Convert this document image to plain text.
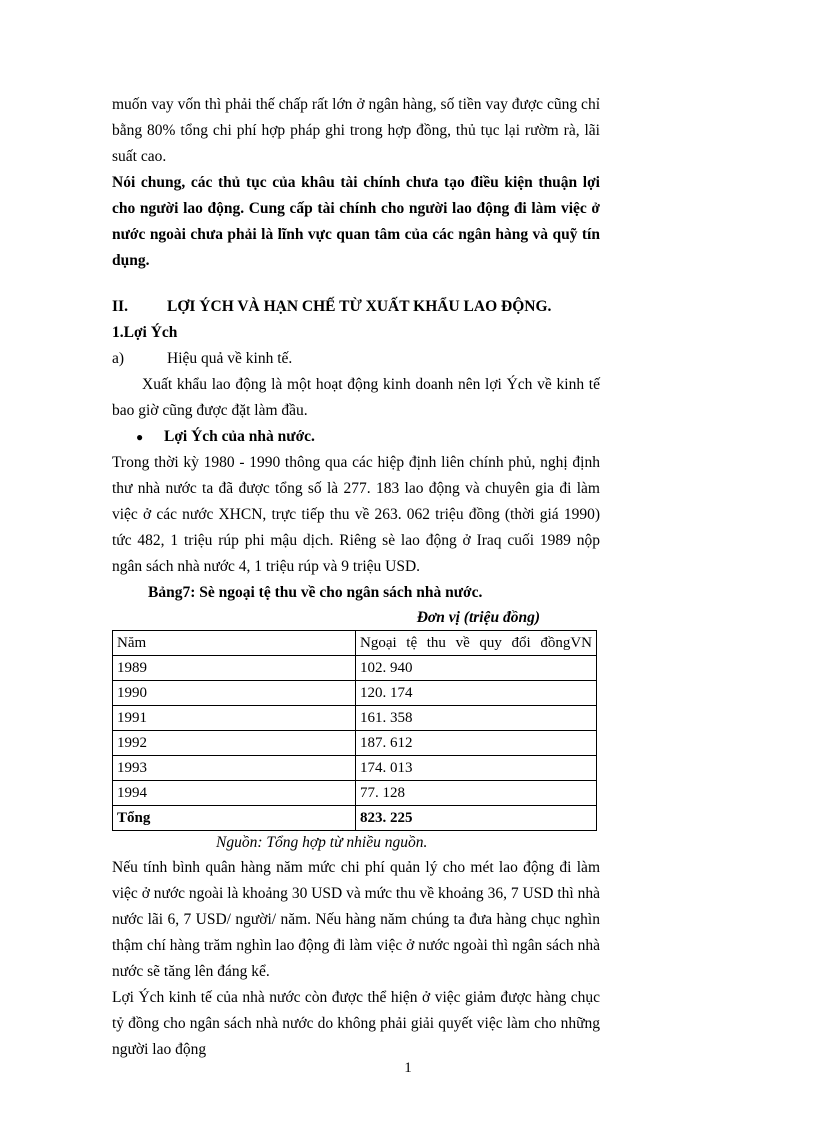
muốn vay vốn thì phải thế chấp rất lớn ở ngân hàng, số tiền vay được cũng chỉ bằng 80% tổng chi phí hợp pháp ghi trong hợp đồng, thủ tục lại rườm rà, lãi suất cao.

Nói chung, các thủ tục của khâu tài chính chưa tạo điều kiện thuận lợi cho người lao động. Cung cấp tài chính cho người lao động đi làm việc ở nước ngoài chưa phải là lĩnh vực quan tâm của các ngân hàng và quỹ tín dụng.

II.	LỢI ÝCH VÀ HẠN CHẾ TỪ XUẤT KHẨU LAO ĐỘNG.

1.Lợi Ých

a)	Hiệu quả về kinh tế.

Xuất khẩu lao động là một hoạt động kinh doanh nên lợi Ých về kinh tế bao giờ cũng được đặt làm đầu.

●	Lợi Ých của nhà nước.

Trong thời kỳ 1980 - 1990 thông qua các hiệp định liên chính phủ, nghị định thư nhà nước ta đã được tổng số là 277. 183 lao động và chuyên gia đi làm việc ở các nước XHCN, trực tiếp thu về 263. 062 triệu đồng (thời giá 1990) tức 482, 1 triệu rúp phi mậu dịch. Riêng sè lao động ở Iraq cuối 1989 nộp ngân sách nhà nước 4, 1 triệu rúp và 9 triệu USD.

Bảng7: Sè ngoại tệ thu về cho ngân sách nhà nước.
Đơn vị (triệu đồng)
Năm	Ngoại tệ thu về quy đổi đồngVN

1989	102. 940
1990	120. 174
1991	161. 358
1992	187. 612
1993	174. 013
1994	77. 128
Tổng	823. 225
Nguồn: Tổng hợp từ nhiều nguồn.

Nếu tính bình quân hàng năm mức chi phí quản lý cho mét lao động đi làm việc ở nước ngoài là khoảng 30 USD và mức thu về khoảng 36, 7 USD thì nhà nước lãi 6, 7 USD/ người/ năm. Nếu hàng năm chúng ta đưa hàng chục nghìn thậm chí hàng trăm nghìn lao động đi làm việc ở nước ngoài thì ngân sách nhà nước sẽ tăng lên đáng kể.

Lợi Ých kinh tế của nhà nước còn được thể hiện ở việc giảm được hàng chục tỷ đồng cho ngân sách nhà nước do không phải giải quyết việc làm cho những người lao động

1
